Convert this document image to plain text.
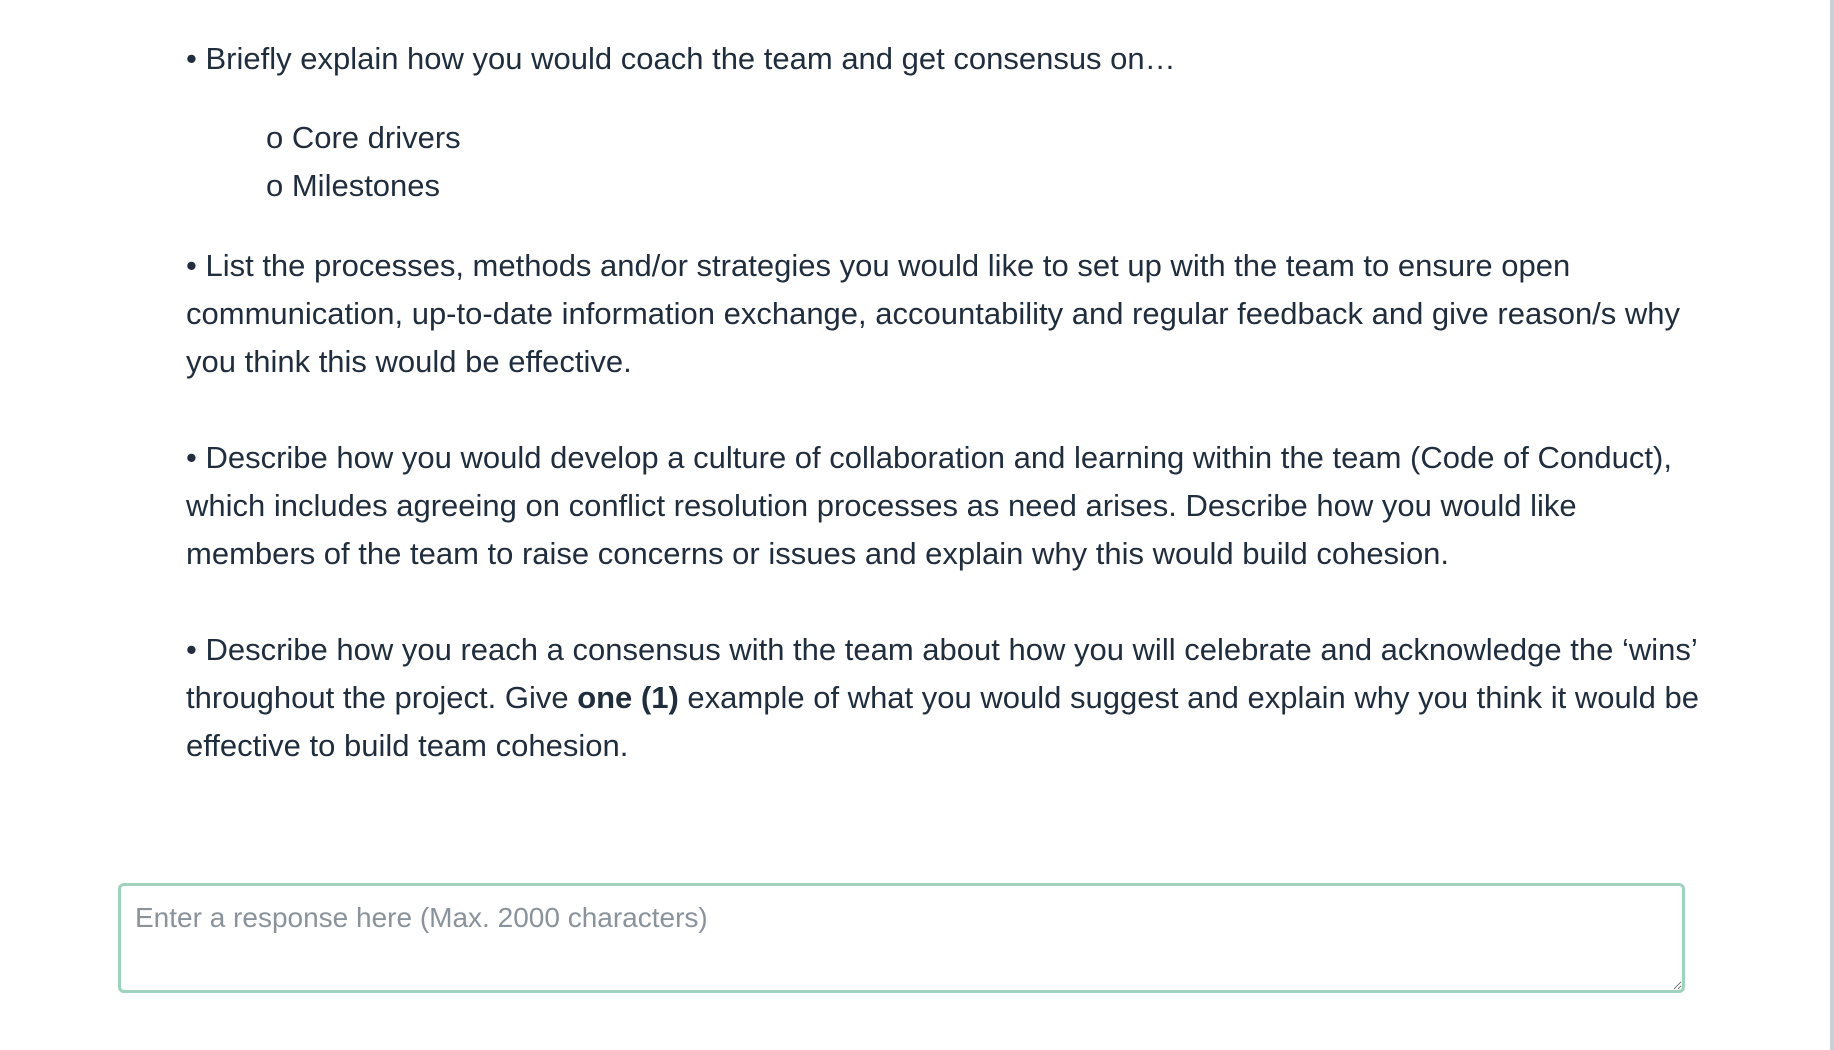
• Briefly explain how you would coach the team and get consensus on…

o Core drivers

o Milestones

• List the processes, methods and/or strategies you would like to set up with the team to ensure open communication, up-to-date information exchange, accountability and regular feedback and give reason/s why you think this would be effective.

• Describe how you would develop a culture of collaboration and learning within the team (Code of Conduct), which includes agreeing on conflict resolution processes as need arises. Describe how you would like members of the team to raise concerns or issues and explain why this would build cohesion.

• Describe how you reach a consensus with the team about how you will celebrate and acknowledge the ‘wins’ throughout the project. Give one (1) example of what you would suggest and explain why you think it would be effective to build team cohesion.

Enter a response here (Max. 2000 characters)
